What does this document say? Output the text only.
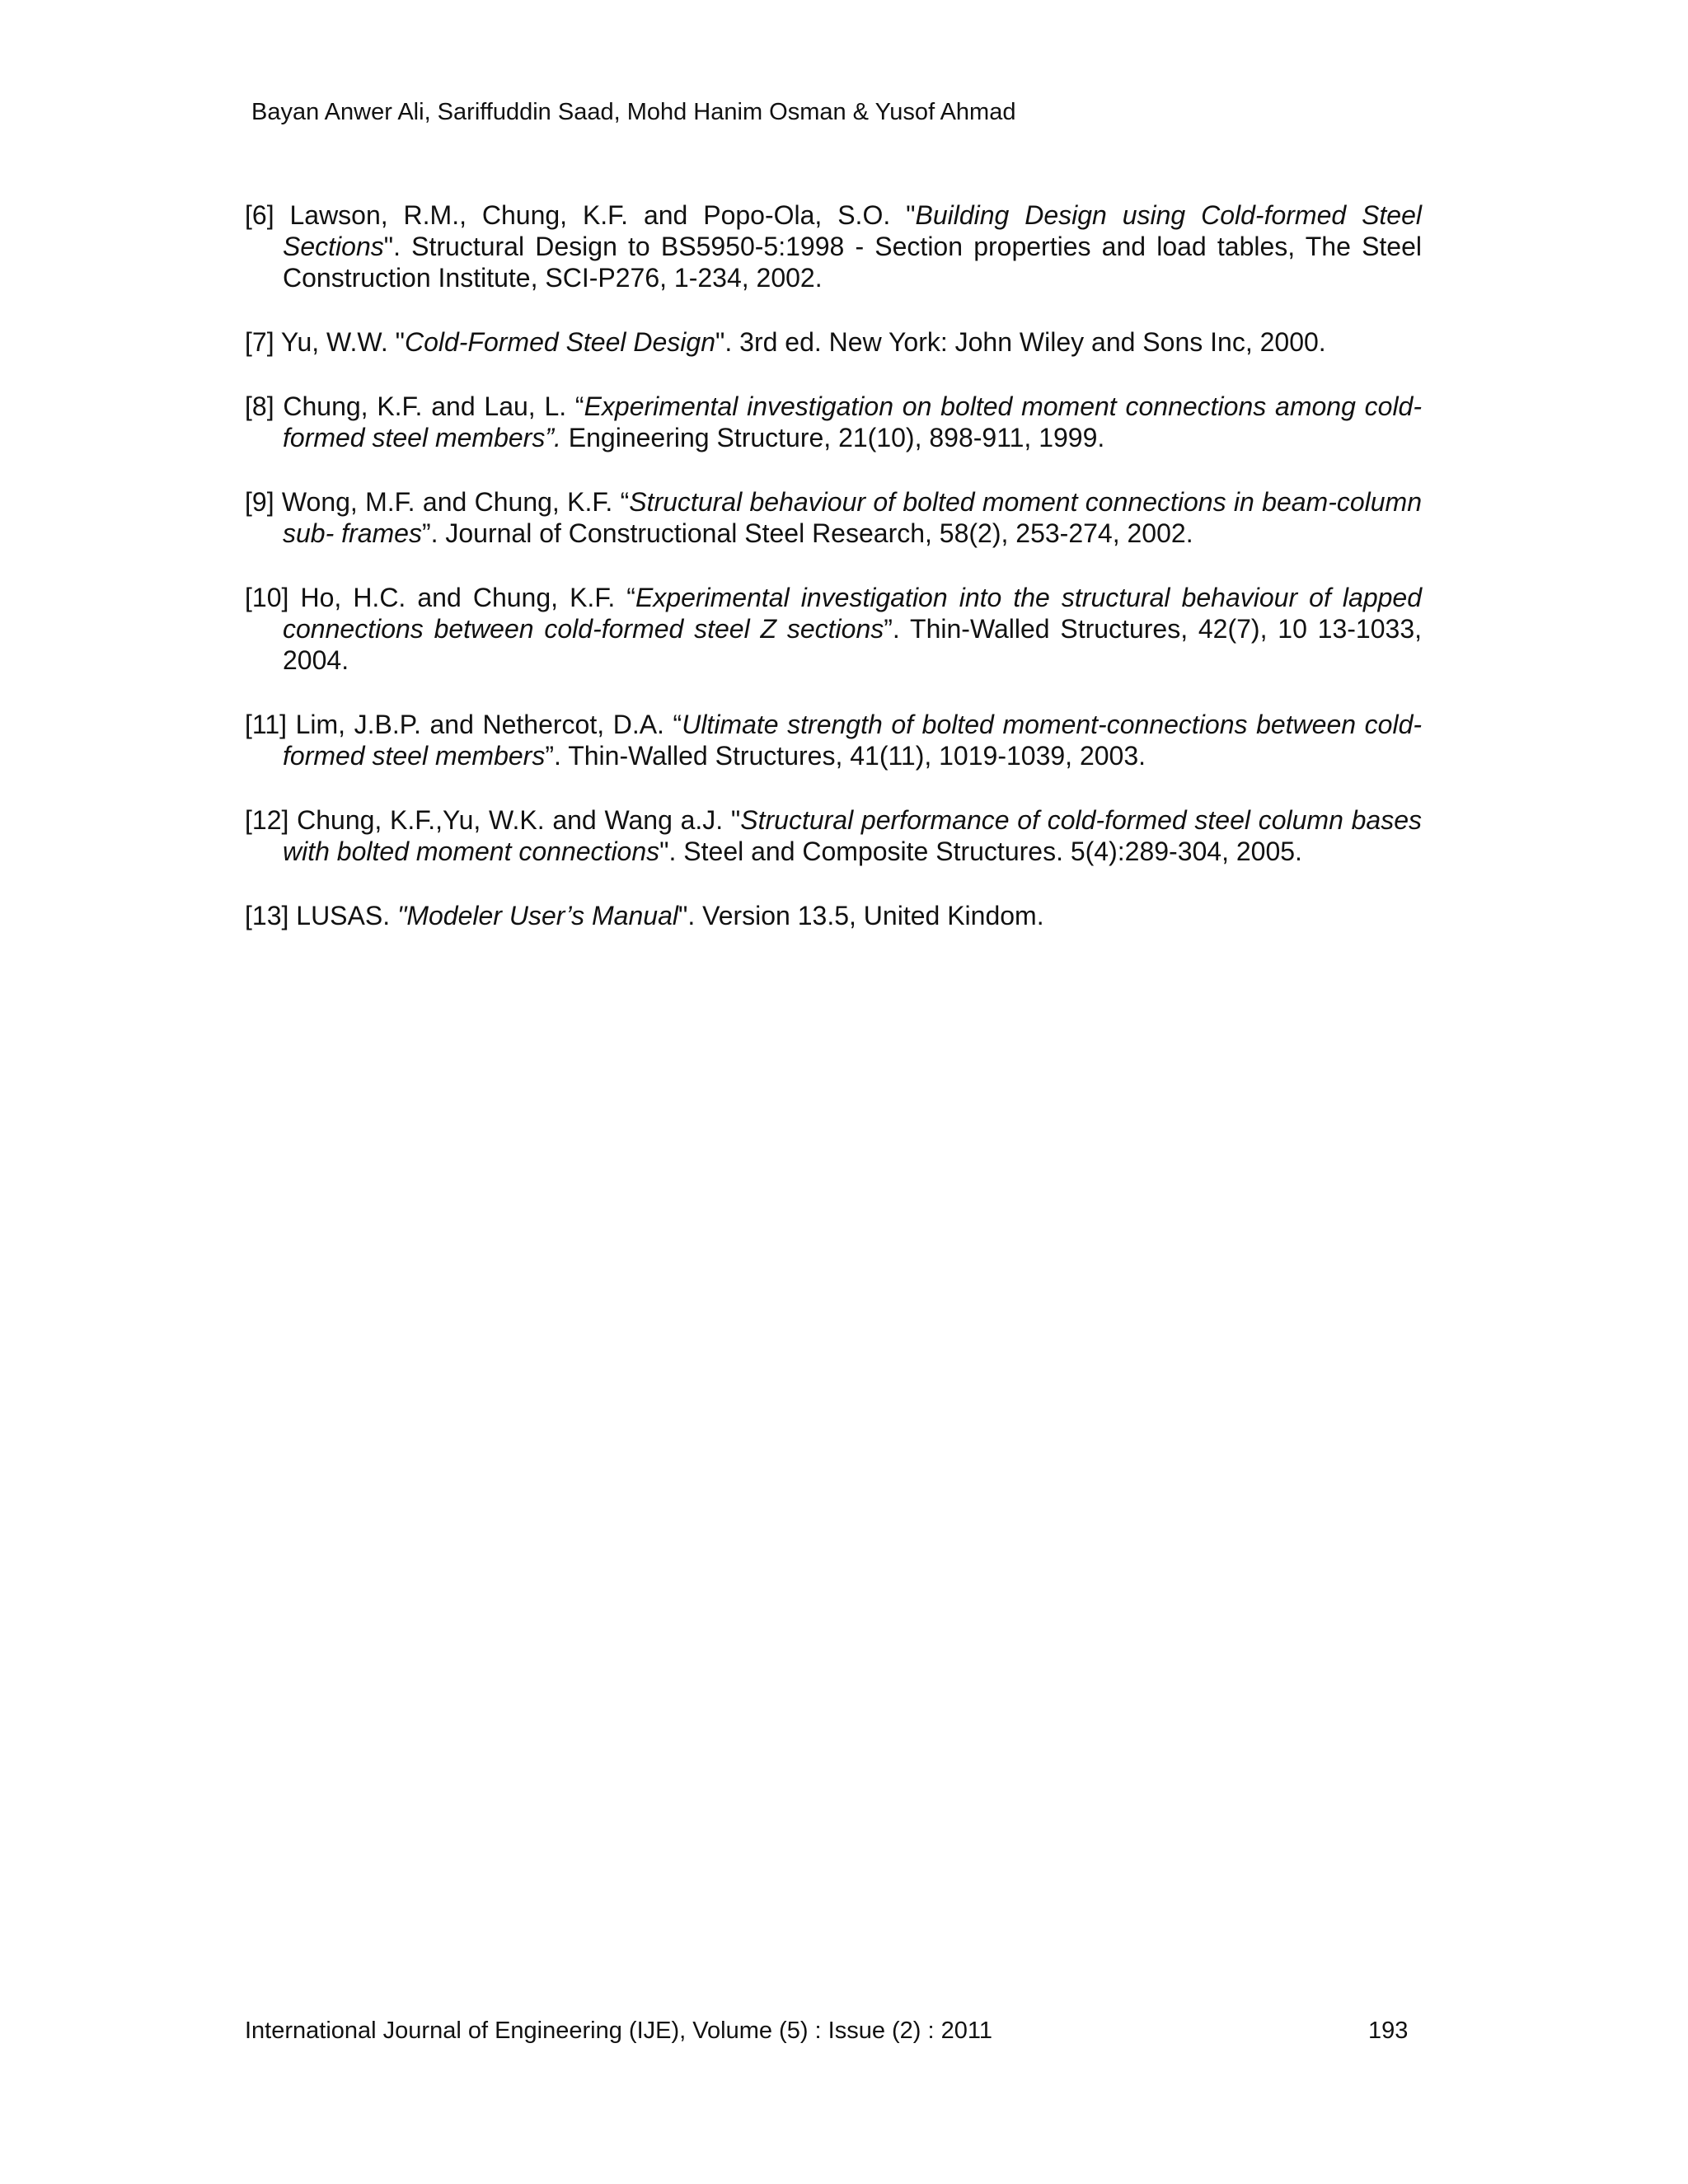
Bayan Anwer Ali, Sariffuddin Saad, Mohd Hanim Osman & Yusof Ahmad

[6] Lawson, R.M., Chung, K.F. and Popo-Ola, S.O. "Building Design using Cold-formed Steel Sections". Structural Design to BS5950-5:1998 - Section properties and load tables, The Steel Construction Institute, SCI-P276, 1-234, 2002.

[7] Yu, W.W. "Cold-Formed Steel Design". 3rd ed. New York: John Wiley and Sons Inc, 2000.

[8] Chung, K.F. and Lau, L. “Experimental investigation on bolted moment connections among cold-formed steel members”. Engineering Structure, 21(10), 898-911, 1999.

[9] Wong, M.F. and Chung, K.F. “Structural behaviour of bolted moment connections in beam-column sub- frames”. Journal of Constructional Steel Research, 58(2), 253-274, 2002.

[10] Ho, H.C. and Chung, K.F. “Experimental investigation into the structural behaviour of lapped connections between cold-formed steel Z sections”. Thin-Walled Structures, 42(7), 10 13-1033, 2004.

[11] Lim, J.B.P. and Nethercot, D.A. “Ultimate strength of bolted moment-connections between cold-formed steel members”. Thin-Walled Structures, 41(11), 1019-1039, 2003.

[12] Chung, K.F.,Yu, W.K. and Wang a.J. "Structural performance of cold-formed steel column bases with bolted moment connections". Steel and Composite Structures. 5(4):289-304, 2005.

[13] LUSAS. "Modeler User’s Manual". Version 13.5, United Kindom.

International Journal of Engineering (IJE), Volume (5) : Issue (2) : 2011	193
